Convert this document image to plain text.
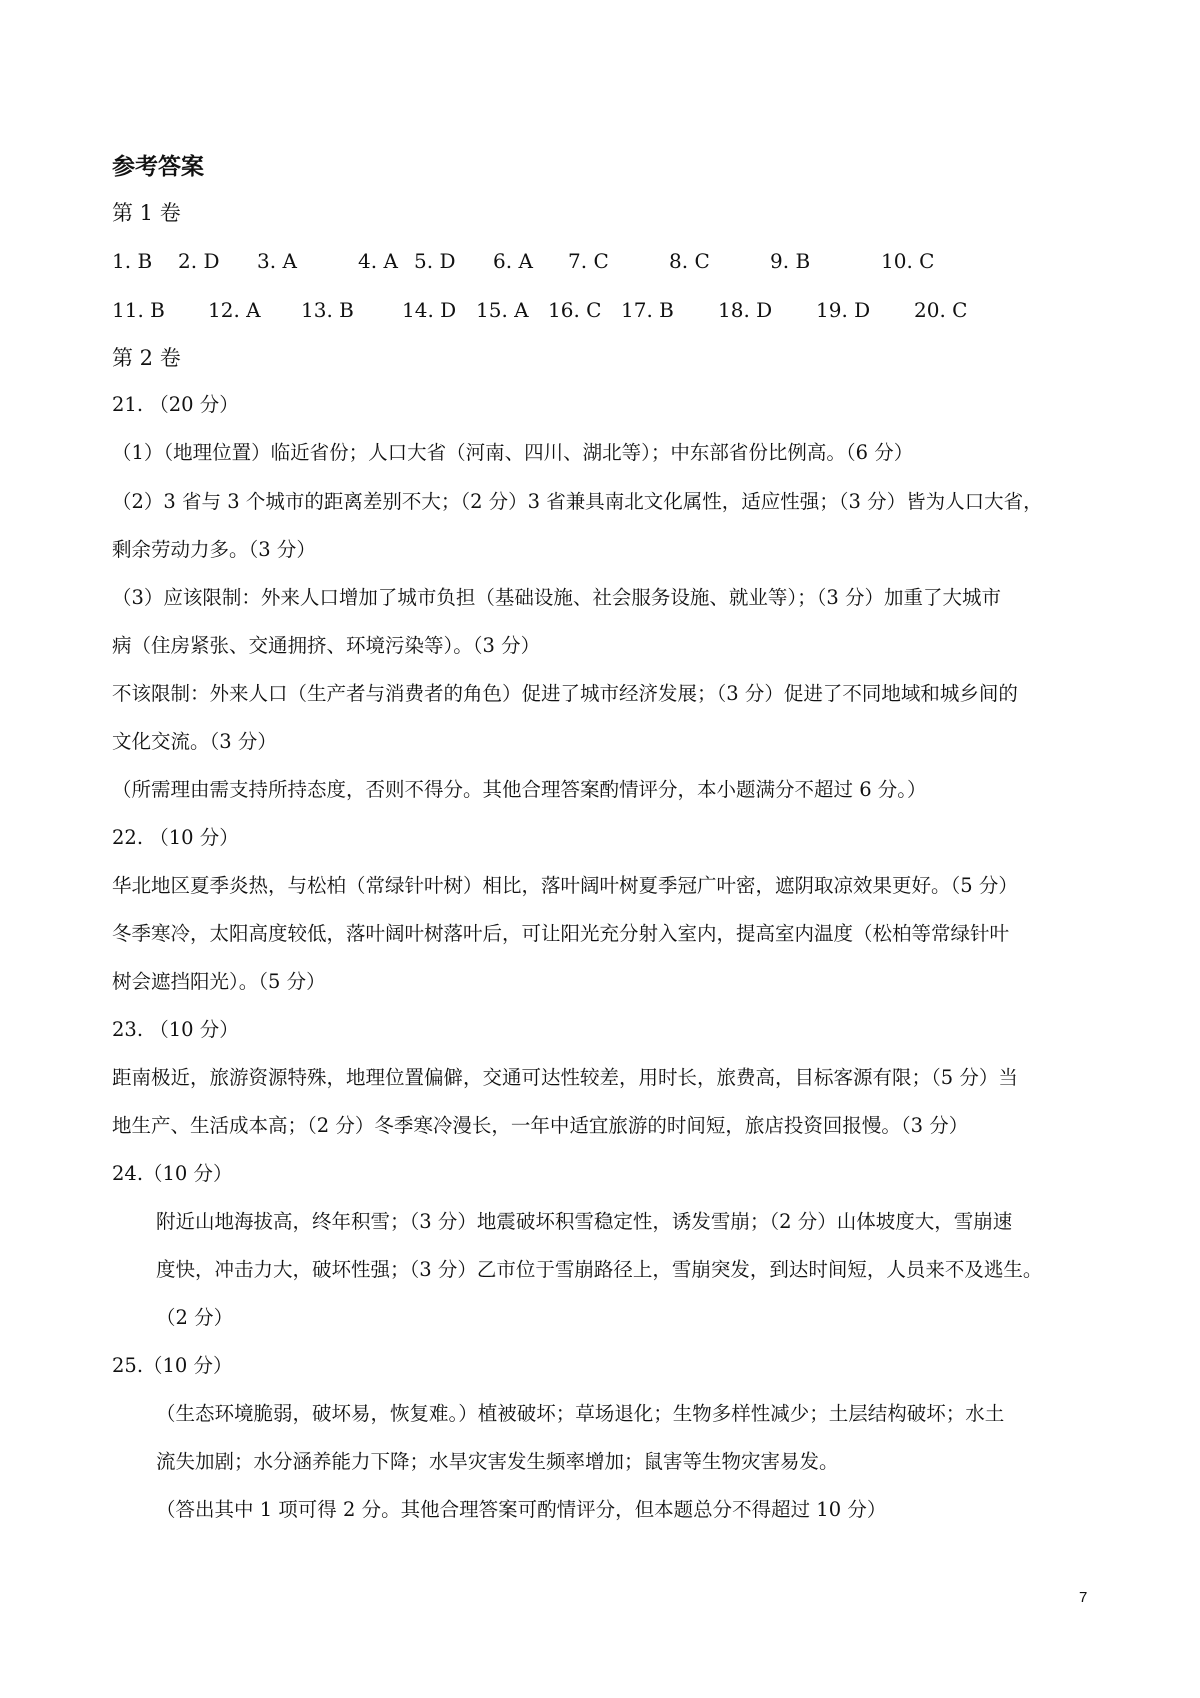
参考答案
第 1 卷
1. B 2. D 3. A	4. A 5. D 6. A 7. C	8. C	9. B	10. C
11. B 12. A 13. B 14. D 15. A 16. C 17. B 18. D 19. D 20. C
第 2 卷
21. （20 分）
（1）（地理位置）临近省份；人口大省（河南、四川、湖北等）；中东部省份比例高。（6 分）
（2）3 省与 3 个城市的距离差别不大；（2 分）3 省兼具南北文化属性，适应性强；（3 分）皆为人口大省，
剩余劳动力多。（3 分）
（3）应该限制：外来人口增加了城市负担（基础设施、社会服务设施、就业等）；（3 分）加重了大城市
病（住房紧张、交通拥挤、环境污染等）。（3 分）
不该限制：外来人口（生产者与消费者的角色）促进了城市经济发展；（3 分）促进了不同地域和城乡间的
文化交流。（3 分）
（所需理由需支持所持态度，否则不得分。其他合理答案酌情评分，本小题满分不超过 6 分。）
22. （10 分）
华北地区夏季炎热，与松柏（常绿针叶树）相比，落叶阔叶树夏季冠广叶密，遮阴取凉效果更好。（5 分）
冬季寒冷，太阳高度较低，落叶阔叶树落叶后，可让阳光充分射入室内，提高室内温度（松柏等常绿针叶
树会遮挡阳光）。（5 分）
23. （10 分）
距南极近，旅游资源特殊，地理位置偏僻，交通可达性较差，用时长，旅费高，目标客源有限；（5 分）当
地生产、生活成本高；（2 分）冬季寒冷漫长，一年中适宜旅游的时间短，旅店投资回报慢。（3 分）
24.（10 分）
附近山地海拔高，终年积雪；（3 分）地震破坏积雪稳定性，诱发雪崩；（2 分）山体坡度大，雪崩速
度快，冲击力大，破坏性强；（3 分）乙市位于雪崩路径上，雪崩突发，到达时间短，人员来不及逃生。
（2 分）
25.（10 分）
（生态环境脆弱，破坏易，恢复难。）植被破坏；草场退化；生物多样性减少；土层结构破坏；水土
流失加剧；水分涵养能力下降；水旱灾害发生频率增加；鼠害等生物灾害易发。
（答出其中 1 项可得 2 分。其他合理答案可酌情评分，但本题总分不得超过 10 分）
7
